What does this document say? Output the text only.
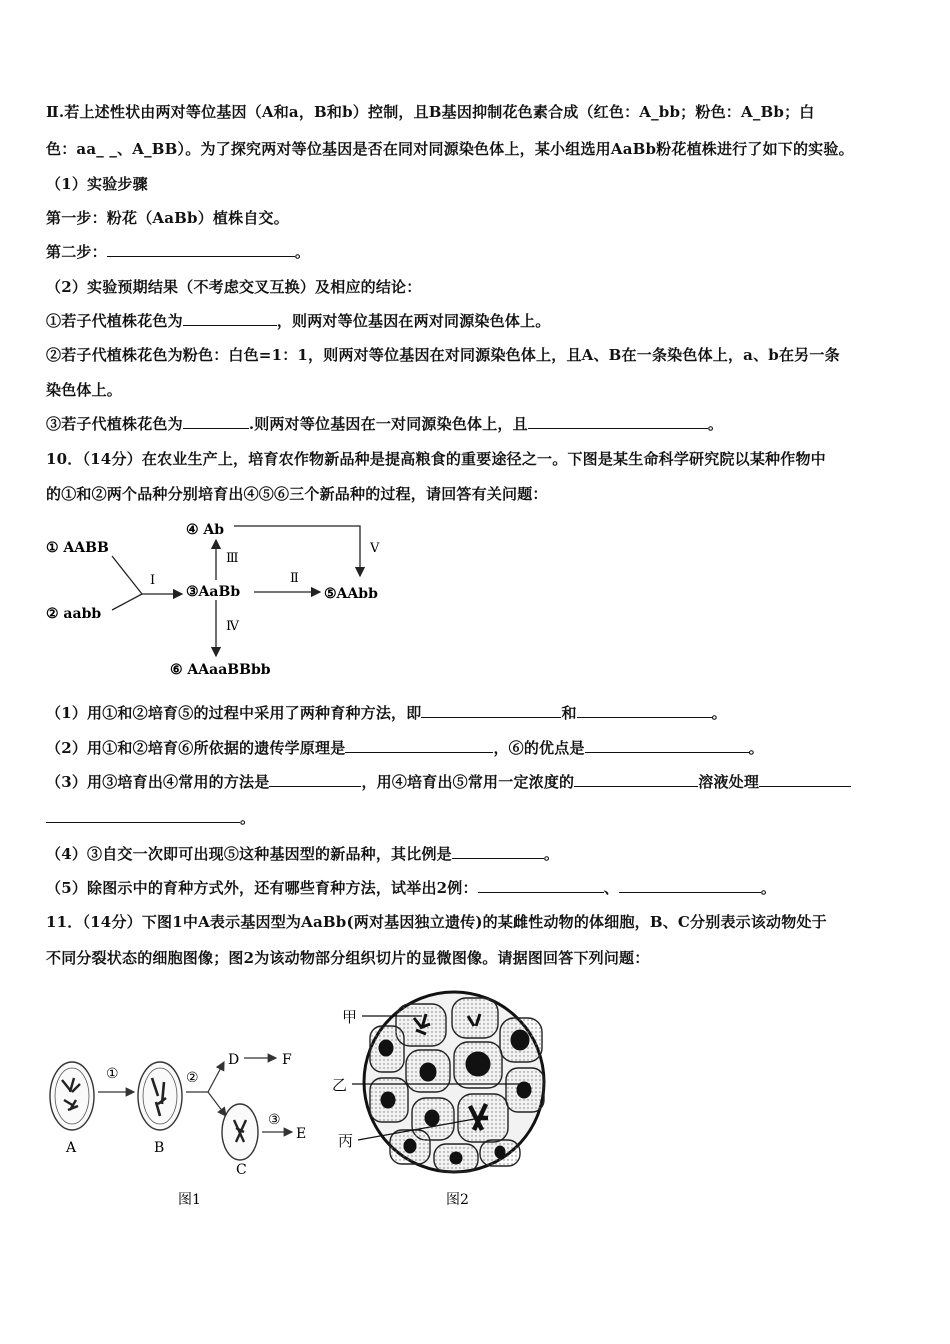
Ⅱ.若上述性状由两对等位基因（A和a，B和b）控制，且B基因抑制花色素合成（红色：A_bb；粉色：A_Bb；白
色：aa_ _、A_BB）。为了探究两对等位基因是否在同对同源染色体上，某小组选用AaBb粉花植株进行了如下的实验。
（1）实验步骤
第一步：粉花（AaBb）植株自交。
第二步：	。
（2）实验预期结果（不考虑交叉互换）及相应的结论：
①若子代植株花色为	，则两对等位基因在两对同源染色体上。
②若子代植株花色为粉色：白色=1：1，则两对等位基因在对同源染色体上，且A、B在一条染色体上，a、b在另一条
染色体上。
③若子代植株花色为	.则两对等位基因在一对同源染色体上，且	。
10．（14分）在农业生产上，培育农作物新品种是提高粮食的重要途径之一。下图是某生命科学研究院以某种作物中
的①和②两个品种分别培育出④⑤⑥三个新品种的过程，请回答有关问题：
① AABB
② aabb
④ Ab
③AaBb	⑤AAbb
⑥ AAaaBBbb
Ⅰ	Ⅱ
Ⅲ
Ⅳ
Ⅴ
（1）用①和②培育⑤的过程中采用了两种育种方法，即	和	。
（2）用①和②培育⑥所依据的遗传学原理是	，⑥的优点是	。
（3）用③培育出④常用的方法是	，用④培育出⑤常用一定浓度的	溶液处理
。
（4）③自交一次即可出现⑤这种基因型的新品种，其比例是	。
（5）除图示中的育种方式外，还有哪些育种方法，试举出2例：	、	。
11．（14分）下图1中A表示基因型为AaBb(两对基因独立遗传)的某雌性动物的体细胞，B、C分别表示该动物处于
不同分裂状态的细胞图像；图2为该动物部分组织切片的显微图像。请据图回答下列问题：
A
①
B
②
D	F
C
③
E
图1
甲
乙
丙
图2
